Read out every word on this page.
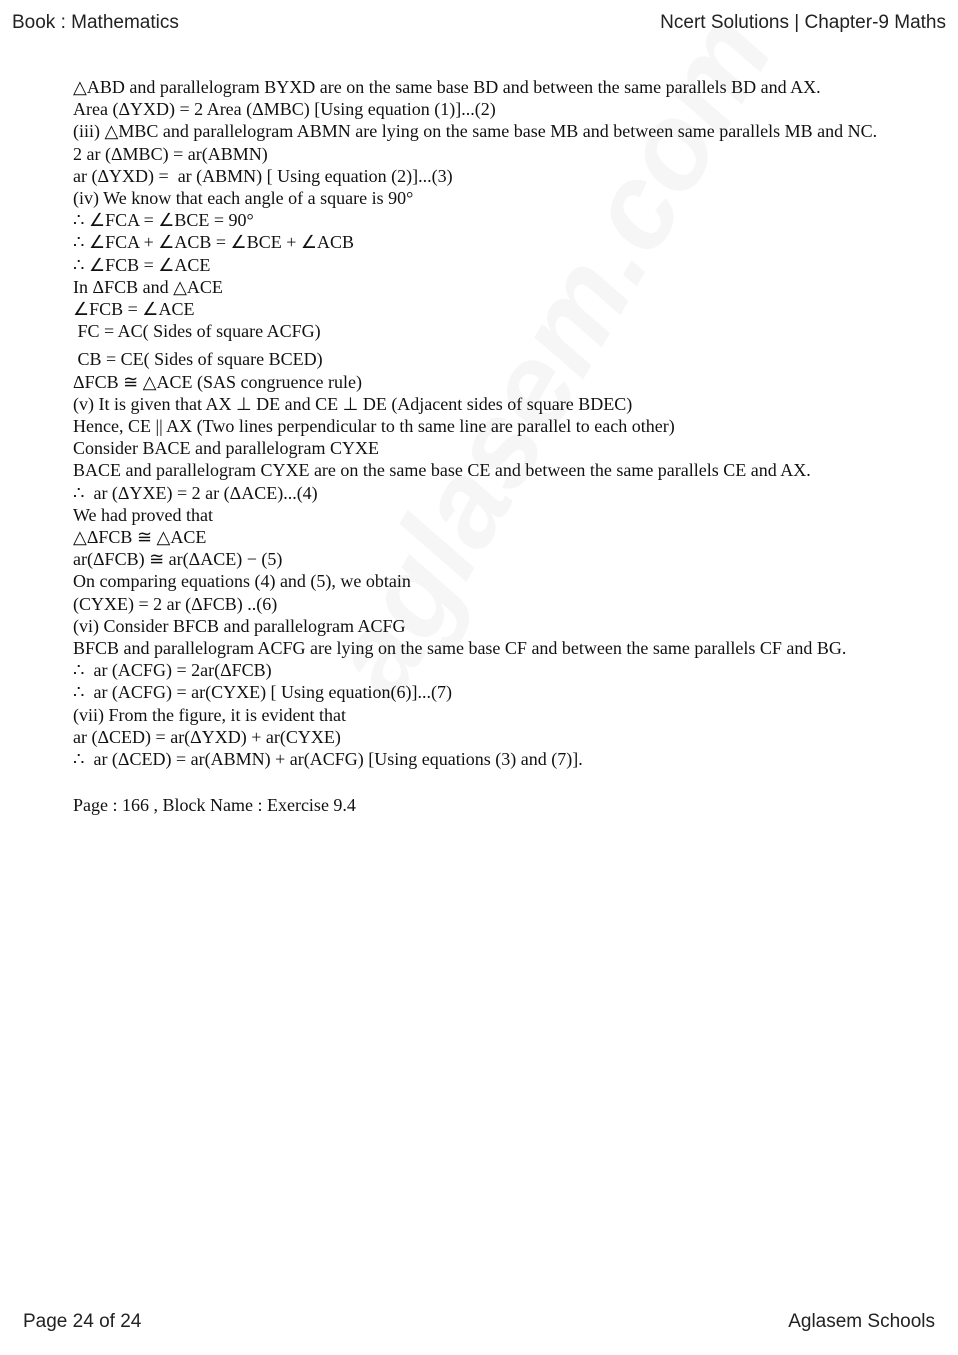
Book : Mathematics	Ncert Solutions | Chapter-9 Maths
△ABD and parallelogram BYXD are on the same base BD and between the same parallels BD and AX.
Area (ΔYXD) = 2 Area (ΔMBC) [Using equation (1)]...(2)
(iii) △MBC and parallelogram ABMN are lying on the same base MB and between same parallels MB and NC.
2 ar (ΔMBC) = ar(ABMN)
ar (ΔYXD) =  ar (ABMN) [ Using equation (2)]...(3)
(iv) We know that each angle of a square is 90°
∴ ∠FCA = ∠BCE = 90°
∴ ∠FCA + ∠ACB = ∠BCE + ∠ACB
∴ ∠FCB = ∠ACE
In ΔFCB and △ACE
∠FCB = ∠ACE
FC = AC( Sides of square ACFG)
CB = CE( Sides of square BCED)
ΔFCB ≅ △ACE (SAS congruence rule)
(v) It is given that AX ⊥ DE and CE ⊥ DE (Adjacent sides of square BDEC)
Hence, CE || AX (Two lines perpendicular to th same line are parallel to each other)
Consider BACE and parallelogram CYXE
BACE and parallelogram CYXE are on the same base CE and between the same parallels CE and AX.
∴  ar (ΔYXE) = 2 ar (ΔACE)...(4)
We had proved that
△ΔFCB ≅ △ACE
ar(ΔFCB) ≅ ar(ΔACE) − (5)
On comparing equations (4) and (5), we obtain
(CYXE) = 2 ar (ΔFCB) ..(6)
(vi) Consider BFCB and parallelogram ACFG
BFCB and parallelogram ACFG are lying on the same base CF and between the same parallels CF and BG.
∴  ar (ACFG) = 2ar(ΔFCB)
∴  ar (ACFG) = ar(CYXE) [ Using equation(6)]...(7)
(vii) From the figure, it is evident that
ar (ΔCED) = ar(ΔYXD) + ar(CYXE)
∴  ar (ΔCED) = ar(ABMN) + ar(ACFG) [Using equations (3) and (7)].
Page : 166 , Block Name : Exercise 9.4
Page 24 of 24	Aglasem Schools
